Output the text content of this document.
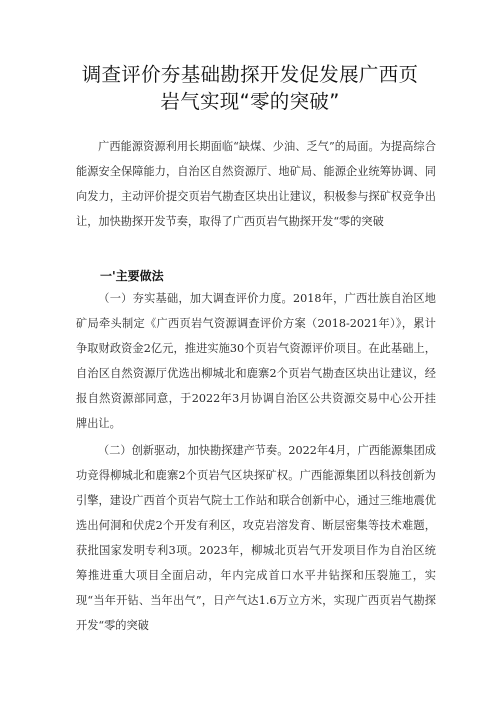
调查评价夯基础勘探开发促发展广西页
岩气实现“零的突破”
广西能源资源利用长期面临“缺煤、少油、乏气”的局面。为提高综合能源安全保障能力，自治区自然资源厅、地矿局、能源企业统筹协调、同向发力，主动评价提交页岩气勘查区块出让建议，积极参与探矿权竞争出让，加快勘探开发节奏，取得了广西页岩气勘探开发“零的突破
一'主要做法
（一）夯实基础，加大调查评价力度。2018年，广西壮族自治区地矿局牵头制定《广西页岩气资源调查评价方案（2018-2021年）》，累计争取财政资金2亿元，推进实施30个页岩气资源评价项目。在此基础上，自治区自然资源厅优选出柳城北和鹿寨2个页岩气勘查区块出让建议，经报自然资源部同意，于2022年3月协调自治区公共资源交易中心公开挂牌出让。
（二）创新驱动，加快勘探建产节奏。2022年4月，广西能源集团成功竞得柳城北和鹿寨2个页岩气区块探矿权。广西能源集团以科技创新为引擎，建设广西首个页岩气院士工作站和联合创新中心，通过三维地震优选出何洞和伏虎2个开发有利区，攻克岩溶发育、断层密集等技术难题，获批国家发明专利3项。2023年，柳城北页岩气开发项目作为自治区统筹推进重大项目全面启动，年内完成首口水平井钻探和压裂施工，实现“当年开钻、当年出气”，日产气达1.6万立方米，实现广西页岩气勘探开发“零的突破
